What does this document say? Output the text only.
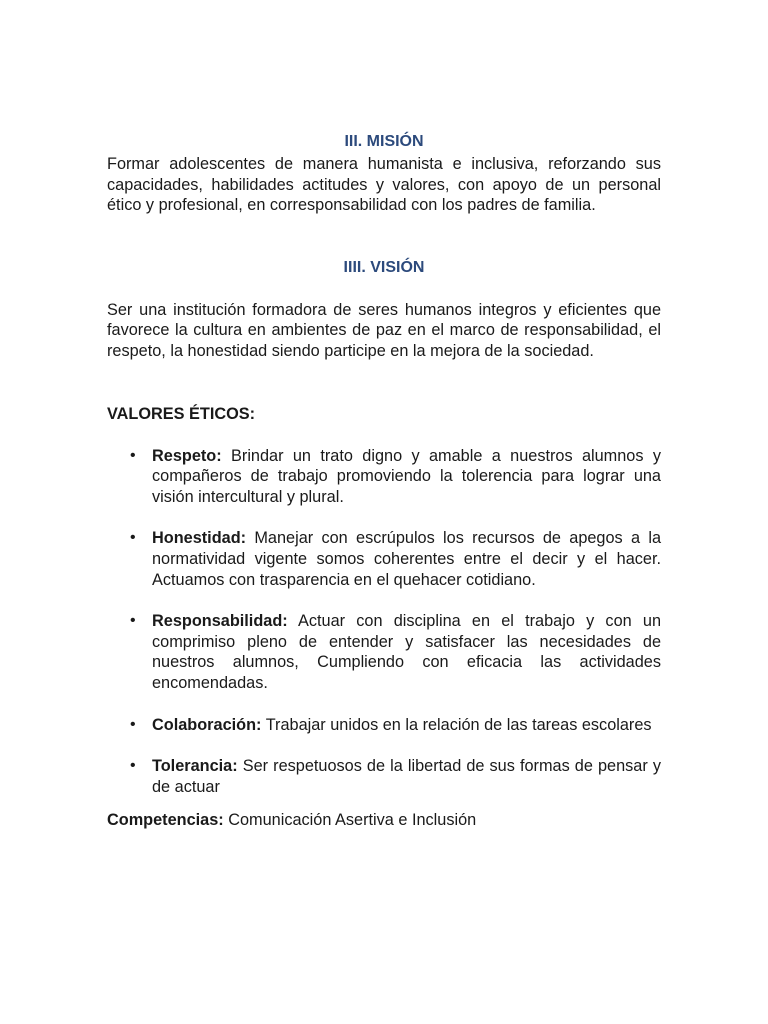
III. MISIÓN

Formar adolescentes de manera humanista e inclusiva, reforzando sus capacidades, habilidades actitudes y valores, con apoyo de un personal ético y profesional, en corresponsabilidad con los padres de familia.

IIII. VISIÓN

Ser una institución formadora de seres humanos integros y eficientes que favorece la cultura en ambientes de paz en el marco de responsabilidad, el respeto, la honestidad siendo participe en la mejora de la sociedad.

VALORES ÉTICOS:

• Respeto: Brindar un trato digno y amable a nuestros alumnos y compañeros de trabajo promoviendo la tolerencia para lograr una visión intercultural y plural.
• Honestidad: Manejar con escrúpulos los recursos de apegos a la normatividad vigente somos coherentes entre el decir y el hacer. Actuamos con trasparencia en el quehacer cotidiano.
• Responsabilidad: Actuar con disciplina en el trabajo y con un comprimiso pleno de entender y satisfacer las necesidades de nuestros alumnos, Cumpliendo con eficacia las actividades encomendadas.
• Colaboración: Trabajar unidos en la relación de las tareas escolares
• Tolerancia: Ser respetuosos de la libertad de sus formas de pensar y de actuar

Competencias: Comunicación Asertiva e Inclusión
